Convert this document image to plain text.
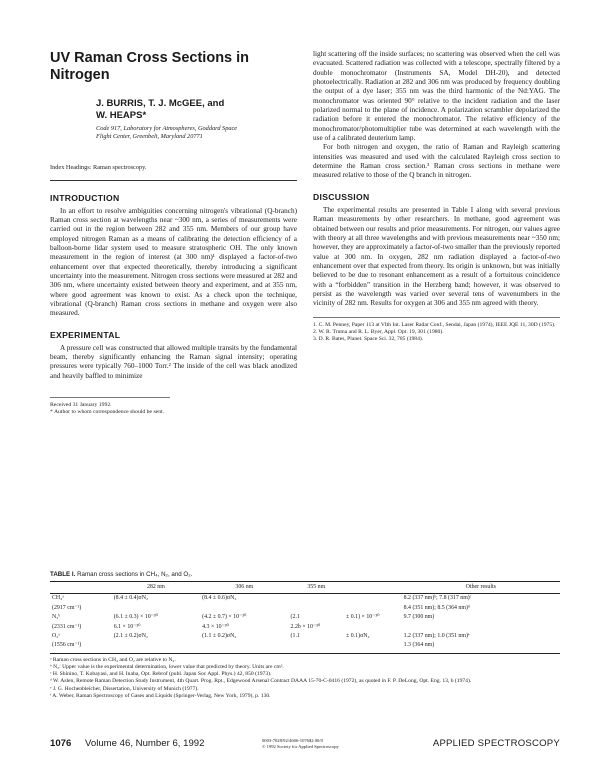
UV Raman Cross Sections in Nitrogen
J. BURRIS, T. J. McGEE, and
W. HEAPS*
Code 917, Laboratory for Atmospheres, Goddard Space Flight Center, Greenbelt, Maryland 20771
Index Headings: Raman spectroscopy.
INTRODUCTION

In an effort to resolve ambiguities concerning nitrogen's vibrational (Q-branch) Raman cross section at wavelengths near ~300 nm, a series of measurements were carried out in the region between 282 and 355 nm. Members of our group have employed nitrogen Raman as a means of calibrating the detection efficiency of a balloon-borne lidar system used to measure stratospheric OH. The only known measurement in the region of interest (at 300 nm)¹ displayed a factor-of-two enhancement over that expected theoretically, thereby introducing a significant uncertainty into the measurement. Nitrogen cross sections were measured at 282 and 306 nm, where uncertainty existed between theory and experiment, and at 355 nm, where good agreement was known to exist. As a check upon the technique, vibrational (Q-branch) Raman cross sections in methane and oxygen were also measured.

EXPERIMENTAL

A pressure cell was constructed that allowed multiple transits by the fundamental beam, thereby significantly enhancing the Raman signal intensity; operating pressures were typically 760–1000 Torr.² The inside of the cell was black anodized and heavily baffled to minimize

Received 31 January 1992.
* Author to whom correspondence should be sent.

light scattering off the inside surfaces; no scattering was observed when the cell was evacuated. Scattered radiation was collected with a telescope, spectrally filtered by a double monochromator (Instruments SA, Model DH-20), and detected photoelectrically. Radiation at 282 and 306 nm was produced by frequency doubling the output of a dye laser; 355 nm was the third harmonic of the Nd:YAG. The monochromator was oriented 90° relative to the incident radiation and the laser polarized normal to the plane of incidence. A polarization scrambler depolarized the radiation before it entered the monochromator. The relative efficiency of the monochromator/photomultiplier tube was determined at each wavelength with the use of a calibrated deuterium lamp.

For both nitrogen and oxygen, the ratio of Raman and Rayleigh scattering intensities was measured and used with the calculated Rayleigh cross section to determine the Raman cross section.³ Raman cross sections in methane were measured relative to those of the Q branch in nitrogen.

DISCUSSION

The experimental results are presented in Table I along with several previous Raman measurements by other researchers. In methane, good agreement was obtained between our results and prior measurements. For nitrogen, our values agree with theory at all three wavelengths and with previous measurements near ~350 nm; however, they are approximately a factor-of-two smaller than the previously reported value at 300 nm. In oxygen, 282 nm radiation displayed a factor-of-two enhancement over that expected from theory. Its origin is unknown, but was initially believed to be due to resonant enhancement as a result of a fortuitous coincidence with a “forbidden” transition in the Herzberg band; however, it was observed to persist as the wavelength was varied over several tens of wavenumbers in the vicinity of 282 nm. Results for oxygen at 306 and 355 nm agreed with theory.

1. C. M. Penney, Paper 113 at VIth Int. Laser Radar Conf., Sendai, Japan (1974), IEEE JQE 11, 30D (1975).
2. W. R. Trutna and R. L. Byer, Appl. Opt. 19, 301 (1980).
3. D. R. Bates, Planet. Space Sci. 32, 785 (1984).
TABLE I. Raman cross sections in CH₄, N₂, and O₂.
	282 nm	306 nm	355 nm		Other results
CH₄ᵃ	(8.4 ± 0.4)σN₂	(8.4 ± 0.6)σN₂			8.2 (337 nm)ᵇ; 7.8 (317 nm)ᶜ
(2917 cm⁻¹)					8.4 (351 nm); 8.5 (364 nm)ᵈ
N₂ᵇ	(6.1 ± 0.3) × 10⁻³⁰	(4.2 ± 0.7) × 10⁻³⁰	(2.1	± 0.1) × 10⁻³⁰	9.7 (300 nm)
(2331 cm⁻¹)	6.1 × 10⁻³⁰	4.3 × 10⁻³⁰	2.2b × 10⁻³⁰		
O₂ᵃ	(2.1 ± 0.2)σN₂	(1.1 ± 0.2)σN₂	(1.1	± 0.1)σN₂	1.2 (337 nm); 1.0 (351 nm)ᵉ
(1556 cm⁻¹)					1.3 (364 nm)
ᵃ Raman cross sections in CH₄ and O₂ are relative to N₂.
ᵇ N₂: Upper value is the experimental determination, lower value that predicted by theory. Units are cm².
ᶜ H. Shinino, T. Kobayasi, and H. Inaba, Opt. Rebrof (publ. Japan Soc Appl. Phys.) 42, 850 (1973).
ᵈ W. Aslen, Remote Raman Detection Study Instrument, 4th Quart. Prog. Rpt., Edgewood Arsenal Contract DAAA 15-70-C-0416 (1972), as quoted in F. P. DeLong, Opt. Eng. 13, h (1974).
ᵉ J. G. Hochenbleicher, Dissertation, University of Munich (1977).
ᶠ A. Weber, Raman Spectroscopy of Gases and Liquids (Springer-Verlag, New York, 1979), p. 130.
1076 Volume 46, Number 6, 1992	0003-7028/92/4606-1076$2.00/0
© 1992 Society for Applied Spectroscopy	APPLIED SPECTROSCOPY
